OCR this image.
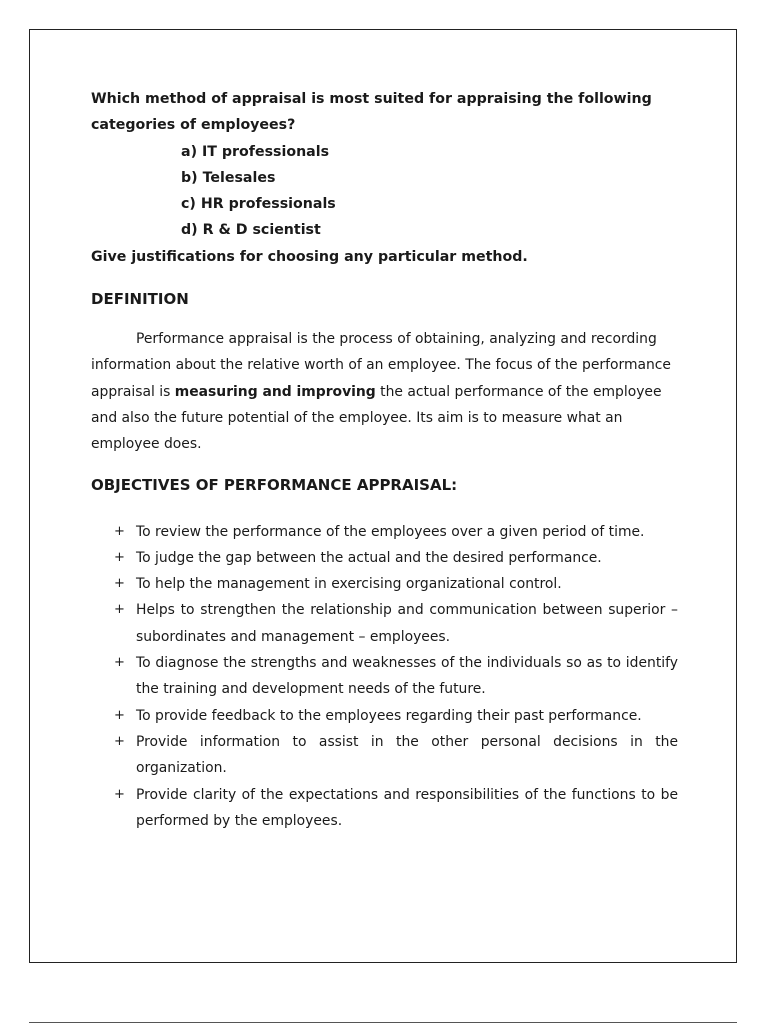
Which method of appraisal is most suited for appraising the following categories of employees?

a) IT professionals
b) Telesales
c) HR professionals
d) R & D scientist

Give justifications for choosing any particular method.

DEFINITION

Performance appraisal is the process of obtaining, analyzing and recording information about the relative worth of an employee. The focus of the performance appraisal is measuring and improving the actual performance of the employee and also the future potential of the employee. Its aim is to measure what an employee does.

OBJECTIVES OF PERFORMANCE APPRAISAL:
+ To review the performance of the employees over a given period of time.
+ To judge the gap between the actual and the desired performance.
+ To help the management in exercising organizational control.
+ Helps to strengthen the relationship and communication between superior – subordinates and management – employees.
+ To diagnose the strengths and weaknesses of the individuals so as to identify the training and development needs of the future.
+ To provide feedback to the employees regarding their past performance.
+ Provide information to assist in the other personal decisions in the organization.
+ Provide clarity of the expectations and responsibilities of the functions to be performed by the employees.
